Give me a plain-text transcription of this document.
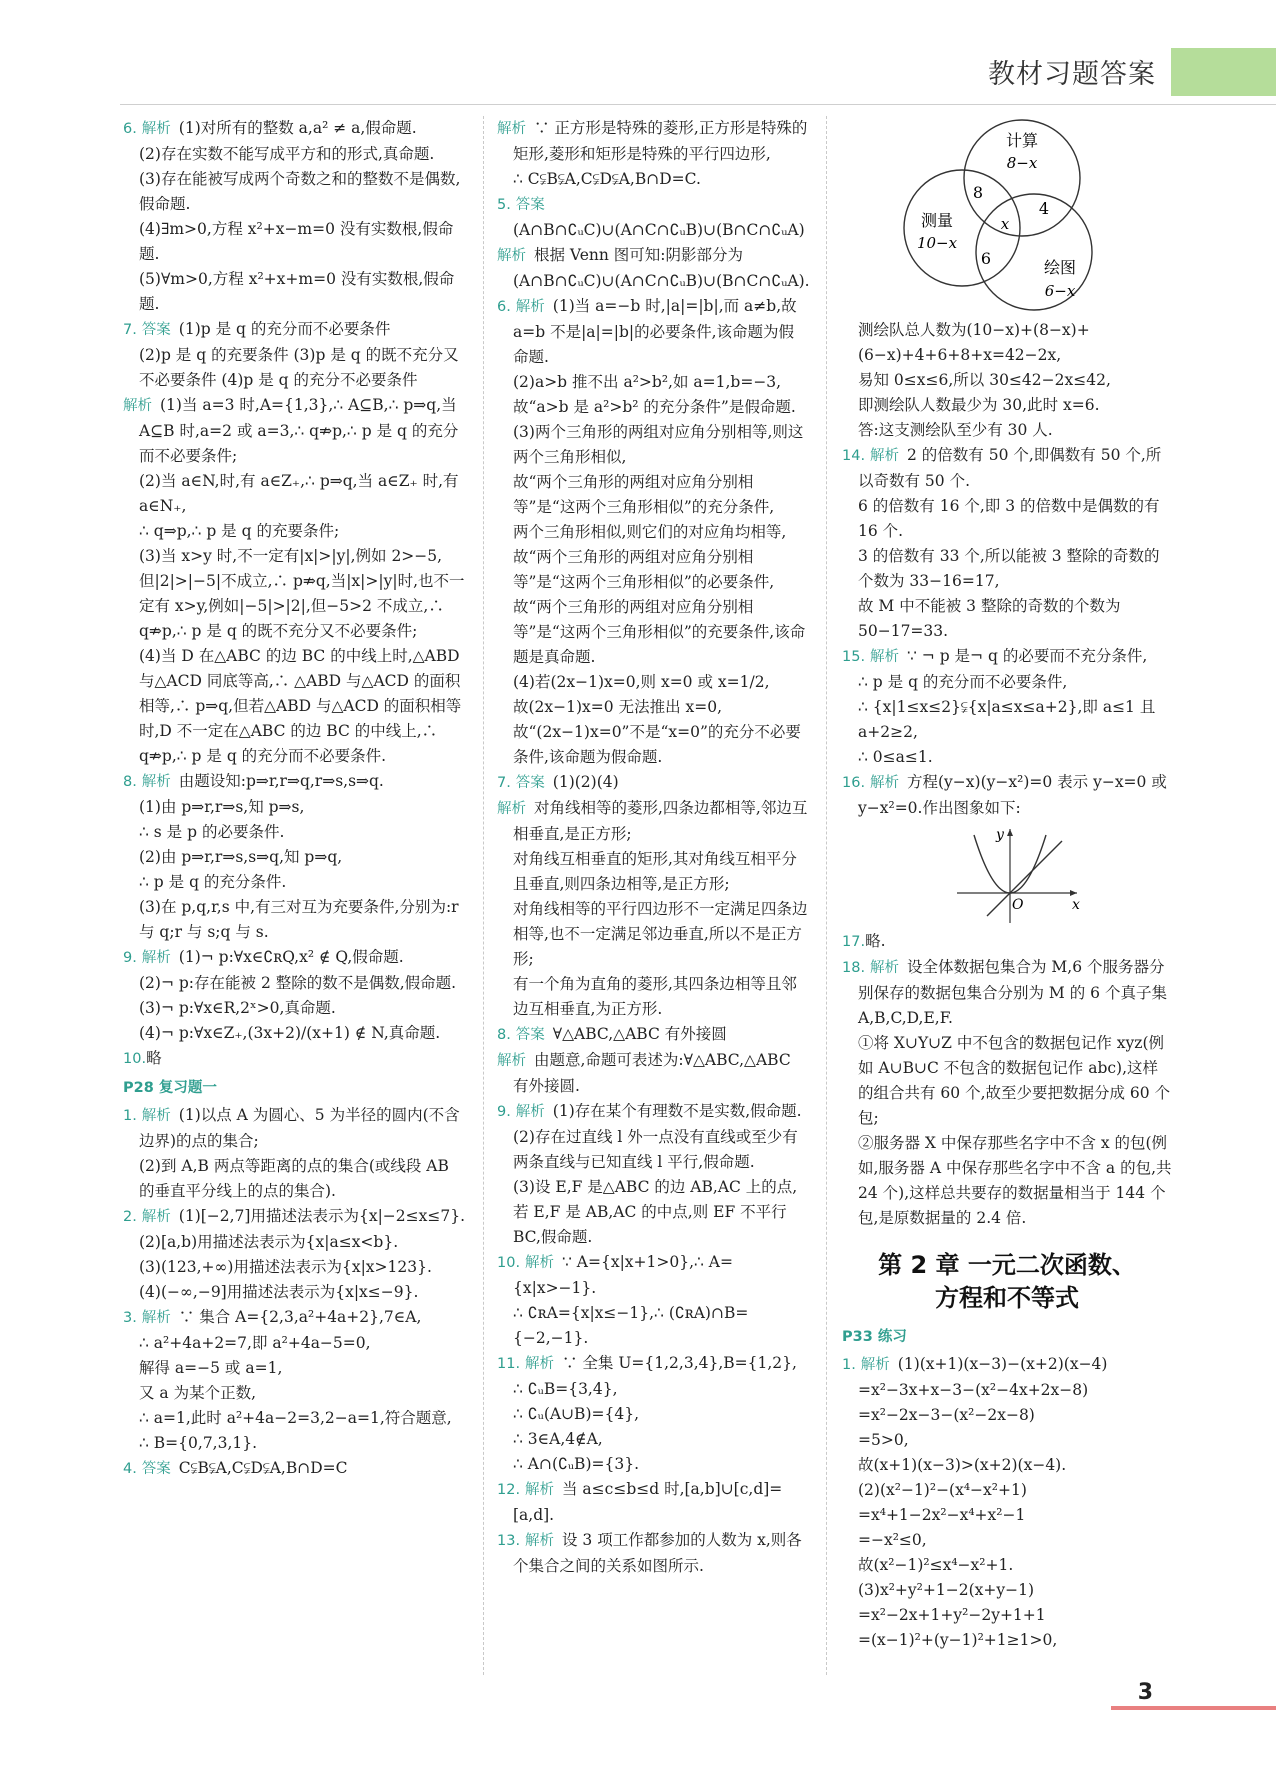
教材习题答案

6. 解析 (1)对所有的整数 a,a² ≠ a,假命题.

(2)存在实数不能写成平方和的形式,真命题.

(3)存在能被写成两个奇数之和的整数不是偶数,假命题.

(4)∃m>0,方程 x²+x−m=0 没有实数根,假命题.

(5)∀m>0,方程 x²+x+m=0 没有实数根,假命题.

7. 答案 (1)p 是 q 的充分而不必要条件

(2)p 是 q 的充要条件 (3)p 是 q 的既不充分又不必要条件 (4)p 是 q 的充分不必要条件

解析 (1)当 a=3 时,A={1,3},∴ A⊆B,∴ p⇒q,当 A⊆B 时,a=2 或 a=3,∴ q⇏p,∴ p 是 q 的充分而不必要条件;

(2)当 a∈N,时,有 a∈Z₊,∴ p⇒q,当 a∈Z₊ 时,有 a∈N₊,

∴ q⇒p,∴ p 是 q 的充要条件;

(3)当 x>y 时,不一定有|x|>|y|,例如 2>−5,但|2|>|−5|不成立,∴ p⇏q,当|x|>|y|时,也不一定有 x>y,例如|−5|>|2|,但−5>2 不成立,∴ q⇏p,∴ p 是 q 的既不充分又不必要条件;

(4)当 D 在△ABC 的边 BC 的中线上时,△ABD 与△ACD 同底等高,∴ △ABD 与△ACD 的面积相等,∴ p⇒q,但若△ABD 与△ACD 的面积相等时,D 不一定在△ABC 的边 BC 的中线上,∴ q⇏p,∴ p 是 q 的充分而不必要条件.

8. 解析 由题设知:p⇒r,r⇒q,r⇒s,s⇒q.

(1)由 p⇒r,r⇒s,知 p⇒s,

∴ s 是 p 的必要条件.

(2)由 p⇒r,r⇒s,s⇒q,知 p⇒q,

∴ p 是 q 的充分条件.

(3)在 p,q,r,s 中,有三对互为充要条件,分别为:r 与 q;r 与 s;q 与 s.

9. 解析 (1)¬ p:∀x∈∁ʀQ,x² ∉ Q,假命题.

(2)¬ p:存在能被 2 整除的数不是偶数,假命题.

(3)¬ p:∀x∈R,2ˣ>0,真命题.

(4)¬ p:∀x∈Z₊,(3x+2)/(x+1) ∉ N,真命题.

10.略

P28 复习题一

1. 解析 (1)以点 A 为圆心、5 为半径的圆内(不含边界)的点的集合;

(2)到 A,B 两点等距离的点的集合(或线段 AB 的垂直平分线上的点的集合).

2. 解析 (1)[−2,7]用描述法表示为{x|−2≤x≤7}.

(2)[a,b)用描述法表示为{x|a≤x<b}.

(3)(123,+∞)用描述法表示为{x|x>123}.

(4)(−∞,−9]用描述法表示为{x|x≤−9}.

3. 解析 ∵ 集合 A={2,3,a²+4a+2},7∈A,

∴ a²+4a+2=7,即 a²+4a−5=0,

解得 a=−5 或 a=1,

又 a 为某个正数,

∴ a=1,此时 a²+4a−2=3,2−a=1,符合题意,

∴ B={0,7,3,1}.

4. 答案 C⫋B⫋A,C⫋D⫋A,B∩D=C

解析 ∵ 正方形是特殊的菱形,正方形是特殊的矩形,菱形和矩形是特殊的平行四边形,

∴ C⫋B⫋A,C⫋D⫋A,B∩D=C.

5. 答案(A∩B∩∁ᵤC)∪(A∩C∩∁ᵤB)∪(B∩C∩∁ᵤA)

解析 根据 Venn 图可知:阴影部分为(A∩B∩∁ᵤC)∪(A∩C∩∁ᵤB)∪(B∩C∩∁ᵤA).

6. 解析 (1)当 a=−b 时,|a|=|b|,而 a≠b,故 a=b 不是|a|=|b|的必要条件,该命题为假命题.

(2)a>b 推不出 a²>b²,如 a=1,b=−3,

故“a>b 是 a²>b² 的充分条件”是假命题.

(3)两个三角形的两组对应角分别相等,则这两个三角形相似,

故“两个三角形的两组对应角分别相等”是“这两个三角形相似”的充分条件,

两个三角形相似,则它们的对应角均相等,

故“两个三角形的两组对应角分别相等”是“这两个三角形相似”的必要条件,

故“两个三角形的两组对应角分别相等”是“这两个三角形相似”的充要条件,该命题是真命题.

(4)若(2x−1)x=0,则 x=0 或 x=1/2,

故(2x−1)x=0 无法推出 x=0,

故“(2x−1)x=0”不是“x=0”的充分不必要条件,该命题为假命题.

7. 答案 (1)(2)(4)

解析 对角线相等的菱形,四条边都相等,邻边互相垂直,是正方形;

对角线互相垂直的矩形,其对角线互相平分且垂直,则四条边相等,是正方形;

对角线相等的平行四边形不一定满足四条边相等,也不一定满足邻边垂直,所以不是正方形;

有一个角为直角的菱形,其四条边相等且邻边互相垂直,为正方形.

8. 答案 ∀△ABC,△ABC 有外接圆

解析 由题意,命题可表述为:∀△ABC,△ABC 有外接圆.

9. 解析 (1)存在某个有理数不是实数,假命题.

(2)存在过直线 l 外一点没有直线或至少有两条直线与已知直线 l 平行,假命题.

(3)设 E,F 是△ABC 的边 AB,AC 上的点,若 E,F 是 AB,AC 的中点,则 EF 不平行 BC,假命题.

10. 解析 ∵ A={x|x+1>0},∴ A={x|x>−1}.

∴ ∁ʀA={x|x≤−1},∴ (∁ʀA)∩B={−2,−1}.

11. 解析 ∵ 全集 U={1,2,3,4},B={1,2},

∴ ∁ᵤB={3,4},

∴ ∁ᵤ(A∪B)={4},

∴ 3∈A,4∉A,

∴ A∩(∁ᵤB)={3}.

12. 解析 当 a≤c≤b≤d 时,[a,b]∪[c,d]=[a,d].

13. 解析 设 3 项工作都参加的人数为 x,则各个集合之间的关系如图所示.

计算
8−x
测量
10−x
绘图
6−x
8
4
6
x

测绘队总人数为(10−x)+(8−x)+(6−x)+4+6+8+x=42−2x,

易知 0≤x≤6,所以 30≤42−2x≤42,

即测绘队人数最少为 30,此时 x=6.

答:这支测绘队至少有 30 人.

14. 解析 2 的倍数有 50 个,即偶数有 50 个,所以奇数有 50 个.

6 的倍数有 16 个,即 3 的倍数中是偶数的有 16 个.

3 的倍数有 33 个,所以能被 3 整除的奇数的个数为 33−16=17,

故 M 中不能被 3 整除的奇数的个数为 50−17=33.

15. 解析 ∵ ¬ p 是¬ q 的必要而不充分条件,

∴ p 是 q 的充分而不必要条件,

∴ {x|1≤x≤2}⫋{x|a≤x≤a+2},即 a≤1 且 a+2≥2,

∴ 0≤a≤1.

16. 解析 方程(y−x)(y−x²)=0 表示 y−x=0 或 y−x²=0.作出图象如下:

y
x
O

17.略.

18. 解析 设全体数据包集合为 M,6 个服务器分别保存的数据包集合分别为 M 的 6 个真子集 A,B,C,D,E,F.

①将 X∪Y∪Z 中不包含的数据包记作 xyz(例如 A∪B∪C 不包含的数据包记作 abc),这样的组合共有 60 个,故至少要把数据分成 60 个包;

②服务器 X 中保存那些名字中不含 x 的包(例如,服务器 A 中保存那些名字中不含 a 的包,共 24 个),这样总共要存的数据量相当于 144 个包,是原数据量的 2.4 倍.

第 2 章 一元二次函数、
方程和不等式
P33 练习

1. 解析 (1)(x+1)(x−3)−(x+2)(x−4)

=x²−3x+x−3−(x²−4x+2x−8)

=x²−2x−3−(x²−2x−8)

=5>0,

故(x+1)(x−3)>(x+2)(x−4).

(2)(x²−1)²−(x⁴−x²+1)

=x⁴+1−2x²−x⁴+x²−1

=−x²≤0,

故(x²−1)²≤x⁴−x²+1.

(3)x²+y²+1−2(x+y−1)

=x²−2x+1+y²−2y+1+1

=(x−1)²+(y−1)²+1≥1>0,

3
